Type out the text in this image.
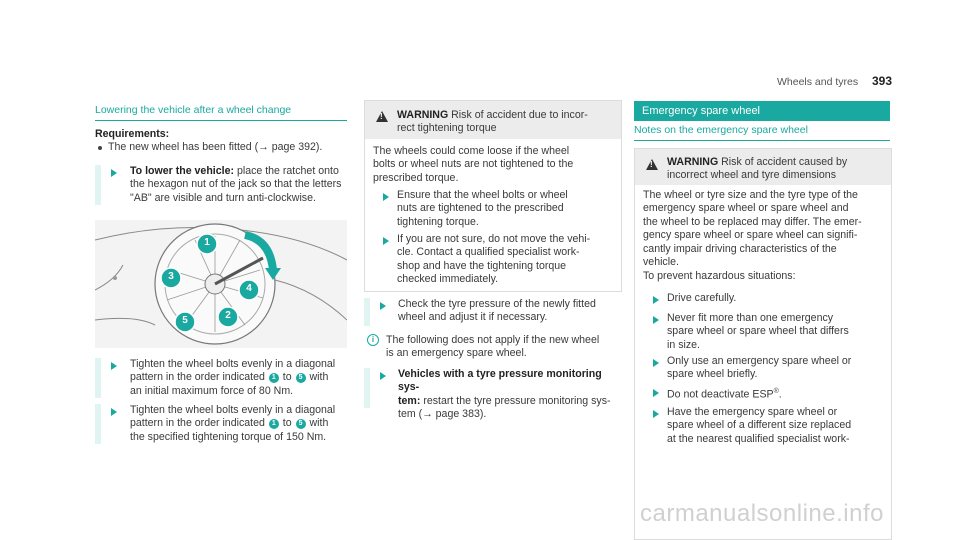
Wheels and tyres 393
Lowering the vehicle after a wheel change
Requirements:
The new wheel has been fitted (→ page 392).
To lower the vehicle: place the ratchet onto
the hexagon nut of the jack so that the letters
"AB" are visible and turn anti-clockwise.
1
2
3
4
5
Tighten the wheel bolts evenly in a diagonal
pattern in the order indicated 1 to 5 with
an initial maximum force of 80 Nm.
Tighten the wheel bolts evenly in a diagonal
pattern in the order indicated 1 to 5 with
the specified tightening torque of 150 Nm.
!
WARNING Risk of accident due to incor-
rect tightening torque
The wheels could come loose if the wheel
bolts or wheel nuts are not tightened to the
prescribed torque.
Ensure that the wheel bolts or wheel
nuts are tightened to the prescribed
tightening torque.
If you are not sure, do not move the vehi-
cle. Contact a qualified specialist work-
shop and have the tightening torque
checked immediately.
Check the tyre pressure of the newly fitted
wheel and adjust it if necessary.
i	The following does not apply if the new wheel
is an emergency spare wheel.
Vehicles with a tyre pressure monitoring sys-
tem: restart the tyre pressure monitoring sys-
tem (→ page 383).
Emergency spare wheel
Notes on the emergency spare wheel
!
WARNING Risk of accident caused by
incorrect wheel and tyre dimensions
The wheel or tyre size and the tyre type of the
emergency spare wheel or spare wheel and
the wheel to be replaced may differ. The emer-
gency spare wheel or spare wheel can signifi-
cantly impair driving characteristics of the
vehicle.
To prevent hazardous situations:
Drive carefully.
Never fit more than one emergency
spare wheel or spare wheel that differs
in size.
Only use an emergency spare wheel or
spare wheel briefly.
Do not deactivate ESP®.
Have the emergency spare wheel or
spare wheel of a different size replaced
at the nearest qualified specialist work-
carmanualsonline.info
